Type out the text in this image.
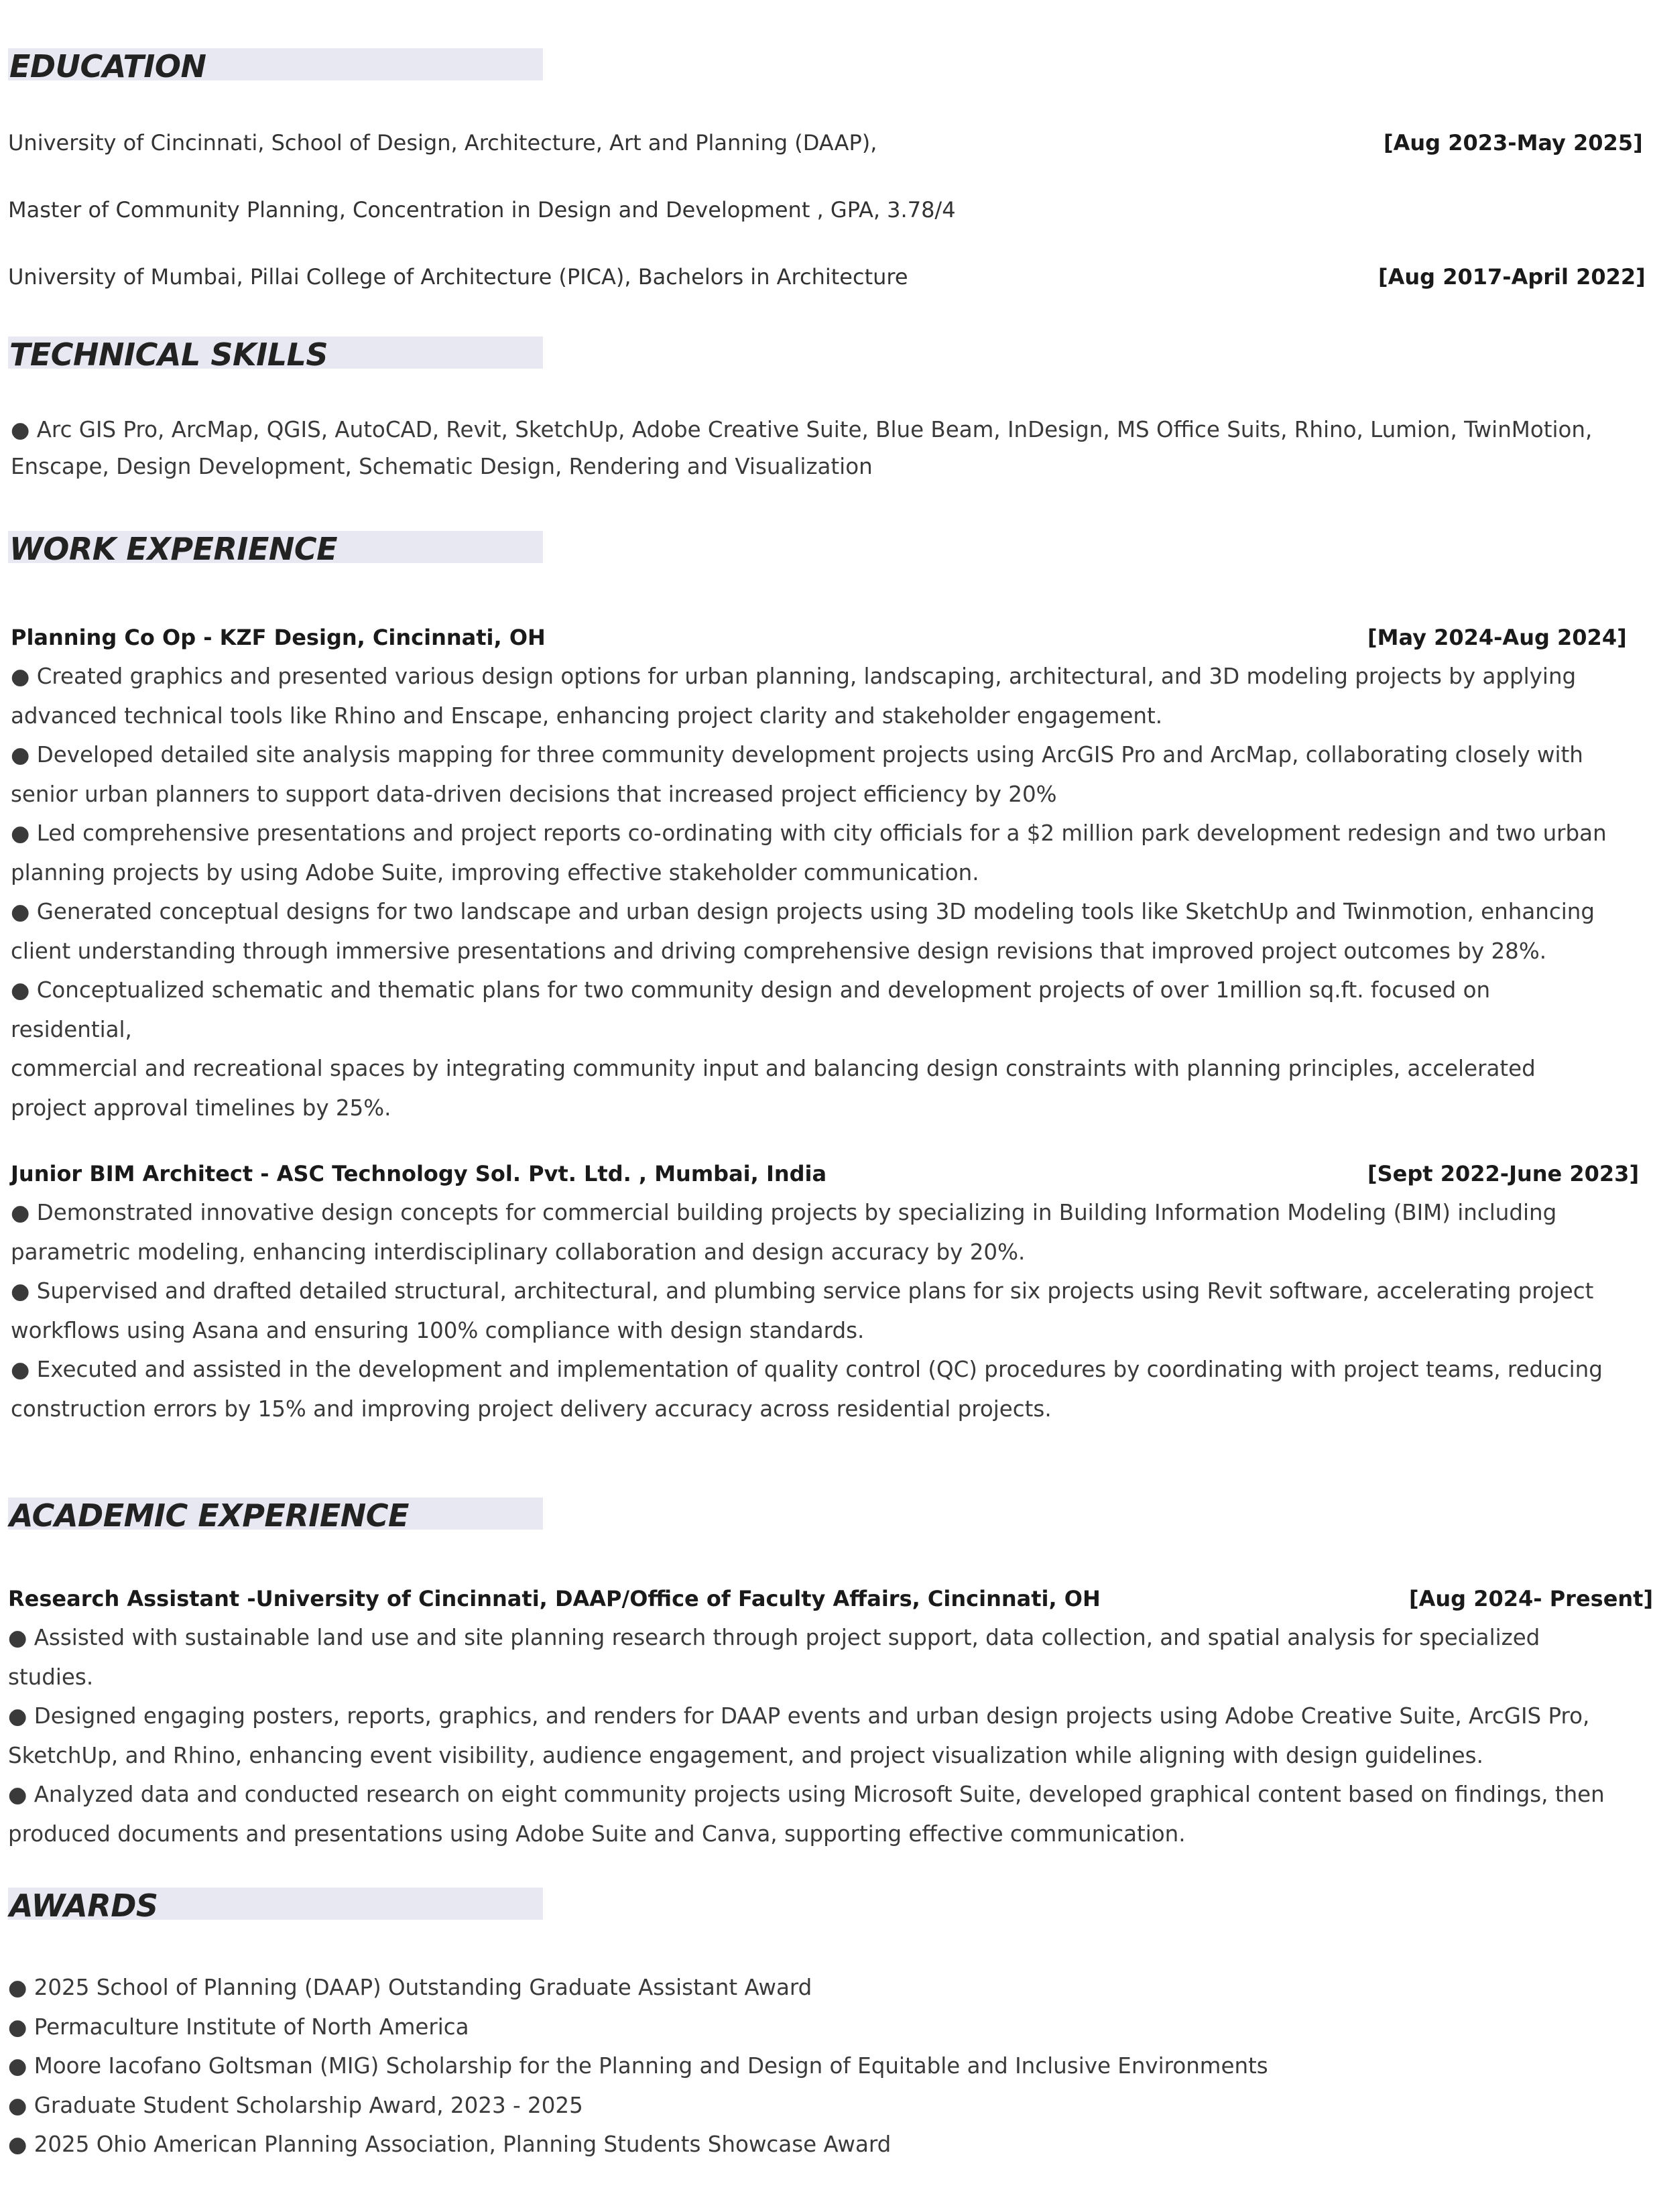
EDUCATION
University of Cincinnati, School of Design, Architecture, Art and Planning (DAAP),	[Aug 2023-May 2025]
Master of Community Planning, Concentration in Design and Development , GPA, 3.78/4
University of Mumbai, Pillai College of Architecture (PICA), Bachelors in Architecture	[Aug 2017-April 2022]
TECHNICAL SKILLS

● Arc GIS Pro, ArcMap, QGIS, AutoCAD, Revit, SketchUp, Adobe Creative Suite, Blue Beam, InDesign, MS Office Suits, Rhino, Lumion, TwinMotion,

Enscape, Design Development, Schematic Design, Rendering and Visualization

WORK EXPERIENCE
Planning Co Op - KZF Design, Cincinnati, OH	[May 2024-Aug 2024]

● Created graphics and presented various design options for urban planning, landscaping, architectural, and 3D modeling projects by applying

advanced technical tools like Rhino and Enscape, enhancing project clarity and stakeholder engagement.

● Developed detailed site analysis mapping for three community development projects using ArcGIS Pro and ArcMap, collaborating closely with

senior urban planners to support data-driven decisions that increased project efficiency by 20%

● Led comprehensive presentations and project reports co-ordinating with city officials for a $2 million park development redesign and two urban

planning projects by using Adobe Suite, improving effective stakeholder communication.

● Generated conceptual designs for two landscape and urban design projects using 3D modeling tools like SketchUp and Twinmotion, enhancing

client understanding through immersive presentations and driving comprehensive design revisions that improved project outcomes by 28%.

● Conceptualized schematic and thematic plans for two community design and development projects of over 1million sq.ft. focused on residential,

commercial and recreational spaces by integrating community input and balancing design constraints with planning principles, accelerated

project approval timelines by 25%.

Junior BIM Architect - ASC Technology Sol. Pvt. Ltd. , Mumbai, India	[Sept 2022-June 2023]

● Demonstrated innovative design concepts for commercial building projects by specializing in Building Information Modeling (BIM) including

parametric modeling, enhancing interdisciplinary collaboration and design accuracy by 20%.

● Supervised and drafted detailed structural, architectural, and plumbing service plans for six projects using Revit software, accelerating project

workflows using Asana and ensuring 100% compliance with design standards.

● Executed and assisted in the development and implementation of quality control (QC) procedures by coordinating with project teams, reducing

construction errors by 15% and improving project delivery accuracy across residential projects.

ACADEMIC EXPERIENCE
Research Assistant -University of Cincinnati, DAAP/Office of Faculty Affairs, Cincinnati, OH	[Aug 2024- Present]

● Assisted with sustainable land use and site planning research through project support, data collection, and spatial analysis for specialized studies.

● Designed engaging posters, reports, graphics, and renders for DAAP events and urban design projects using Adobe Creative Suite, ArcGIS Pro,

SketchUp, and Rhino, enhancing event visibility, audience engagement, and project visualization while aligning with design guidelines.

● Analyzed data and conducted research on eight community projects using Microsoft Suite, developed graphical content based on findings, then

produced documents and presentations using Adobe Suite and Canva, supporting effective communication.

AWARDS

● 2025 School of Planning (DAAP) Outstanding Graduate Assistant Award

● Permaculture Institute of North America

● Moore Iacofano Goltsman (MIG) Scholarship for the Planning and Design of Equitable and Inclusive Environments

● Graduate Student Scholarship Award, 2023 - 2025

● 2025 Ohio American Planning Association, Planning Students Showcase Award
